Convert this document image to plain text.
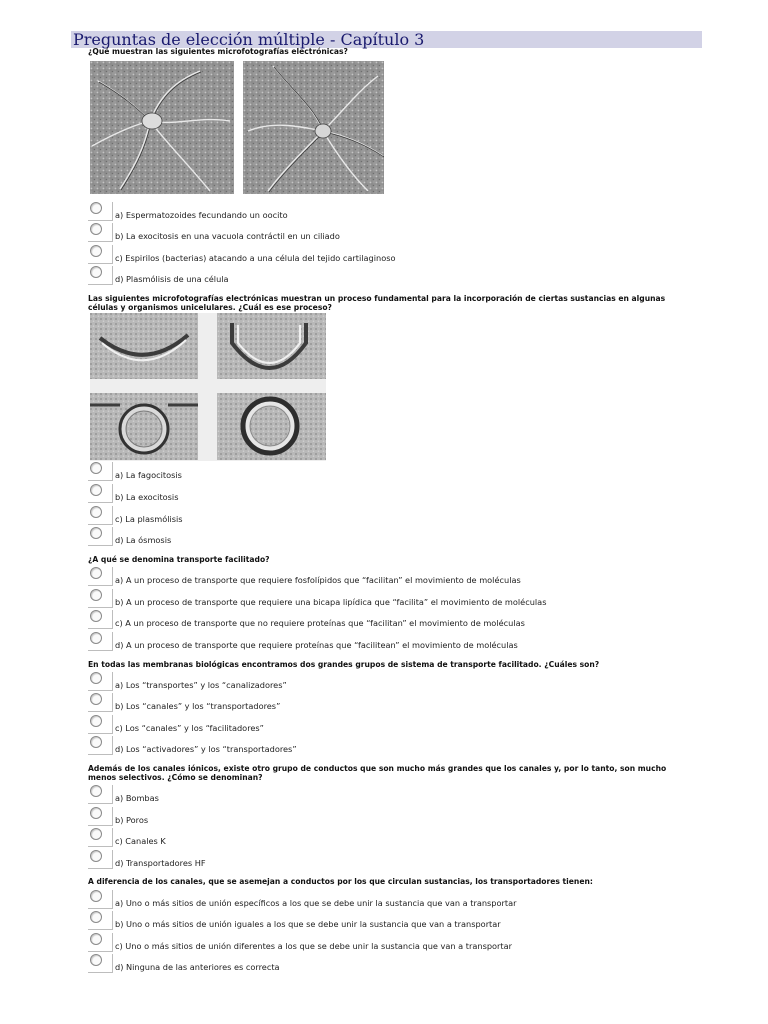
Preguntas de elección múltiple - Capítulo 3
¿Qué muestran las siguientes microfotografías electrónicas?
a) Espermatozoides fecundando un oocito
b) La exocitosis en una vacuola contráctil en un ciliado
c) Espirilos (bacterias) atacando a una célula del tejido cartilaginoso
d) Plasmólisis de una célula
Las siguientes microfotografías electrónicas muestran un proceso fundamental para la incorporación de ciertas sustancias en algunas células y organismos unicelulares. ¿Cuál es ese proceso?
a) La fagocitosis
b) La exocitosis
c) La plasmólisis
d) La ósmosis
¿A qué se denomina transporte facilitado?
a) A un proceso de transporte que requiere fosfolípidos que “facilitan” el movimiento de moléculas
b) A un proceso de transporte que requiere una bicapa lipídica que “facilita” el movimiento de moléculas
c) A un proceso de transporte que no requiere proteínas que “facilitan” el movimiento de moléculas
d) A un proceso de transporte que requiere proteínas que “facilitean” el movimiento de moléculas
En todas las membranas biológicas encontramos dos grandes grupos de sistema de transporte facilitado. ¿Cuáles son?
a) Los “transportes” y los “canalizadores”
b) Los “canales” y los “transportadores”
c) Los “canales” y los “facilitadores”
d) Los “activadores” y los “transportadores”
Además de los canales iónicos, existe otro grupo de conductos que son mucho más grandes que los canales y, por lo tanto, son mucho menos selectivos. ¿Cómo se denominan?
a) Bombas
b) Poros
c) Canales K
d) Transportadores HF
A diferencia de los canales, que se asemejan a conductos por los que circulan sustancias, los transportadores tienen:
a) Uno o más sitios de unión específicos a los que se debe unir la sustancia que van a transportar
b) Uno o más sitios de unión iguales a los que se debe unir la sustancia que van a transportar
c) Uno o más sitios de unión diferentes a los que se debe unir la sustancia que van a transportar
d) Ninguna de las anteriores es correcta
